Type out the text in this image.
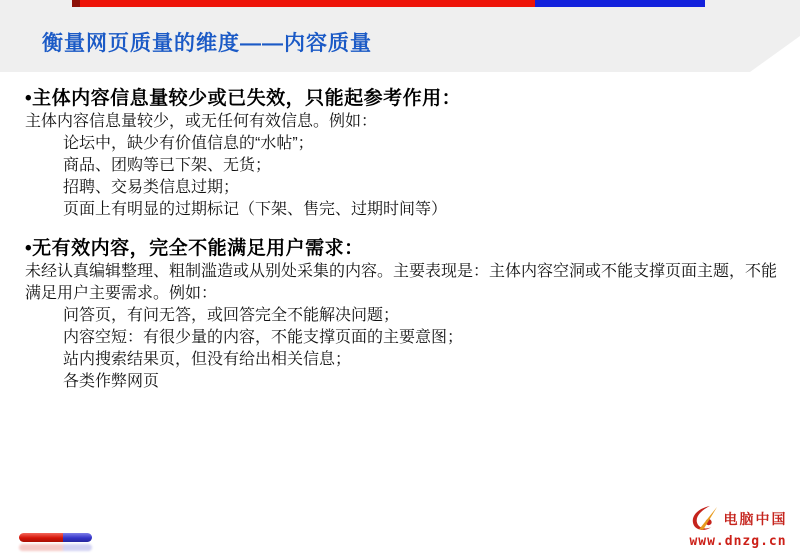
衡量网页质量的维度——内容质量
•主体内容信息量较少或已失效，只能起参考作用：
主体内容信息量较少，或无任何有效信息。例如：
论坛中，缺少有价值信息的“水帖”；
商品、团购等已下架、无货；
招聘、交易类信息过期；
页面上有明显的过期标记（下架、售完、过期时间等）
•无有效内容，完全不能满足用户需求：
未经认真编辑整理、粗制滥造或从别处采集的内容。主要表现是：主体内容空洞或不能支撑页面主题，不能满足用户主要需求。例如：
问答页，有问无答，或回答完全不能解决问题；
内容空短：有很少量的内容，不能支撑页面的主要意图；
站内搜索结果页，但没有给出相关信息；
各类作弊网页
电脑中国
www.dnzg.cn
